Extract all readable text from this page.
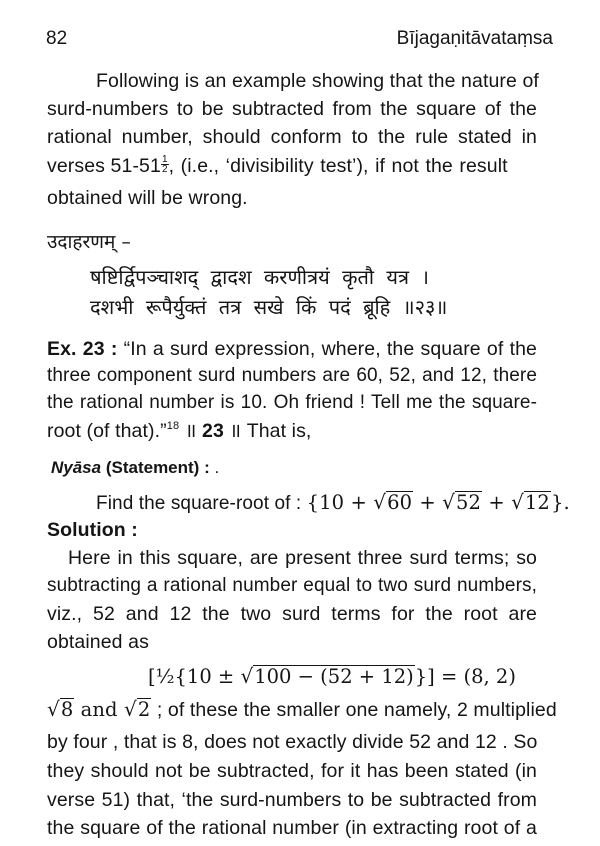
82	Bījagaṇitāvataṃsa
Following is an example showing that the nature of
surd-numbers to be subtracted from the square of the
rational number, should conform to the rule stated in
verses $51-51 \frac{1}{2}$ , (i.e., ‘divisibility test’), if not the result
obtained will be wrong.
उदाहरणम् –
षष्टिर्द्विपञ्चाशद् द्वादश करणीत्रयं कृतौ यत्र ।
दशभी रूपैर्युक्तं तत्र सखे किं पदं ब्रूहि ॥२३॥
Ex. 23 : “In a surd expression, where, the square of the
three component surd numbers are 60, 52, and 12, there
the rational number is 10. Oh friend ! Tell me the square-
root (of that).”$^{18}$ ॥ 23 ॥ That is,
Nyāsa (Statement) : .
Find the square-root of : {10 + √60 + √52 + √12}.
Solution :
Here in this square, are present three surd terms; so
subtracting a rational number equal to two surd numbers,
viz., 52 and 12 the two surd terms for the root are
obtained as
[½{10 ± √100 − (52 + 12)}] = (8, 2)
√8 and √2 ; of these the smaller one namely, 2 multiplied
by four , that is 8, does not exactly divide 52 and 12 . So
they should not be subtracted, for it has been stated (in
verse 51) that, ‘the surd-numbers to be subtracted from
the square of the rational number (in extracting root of a
